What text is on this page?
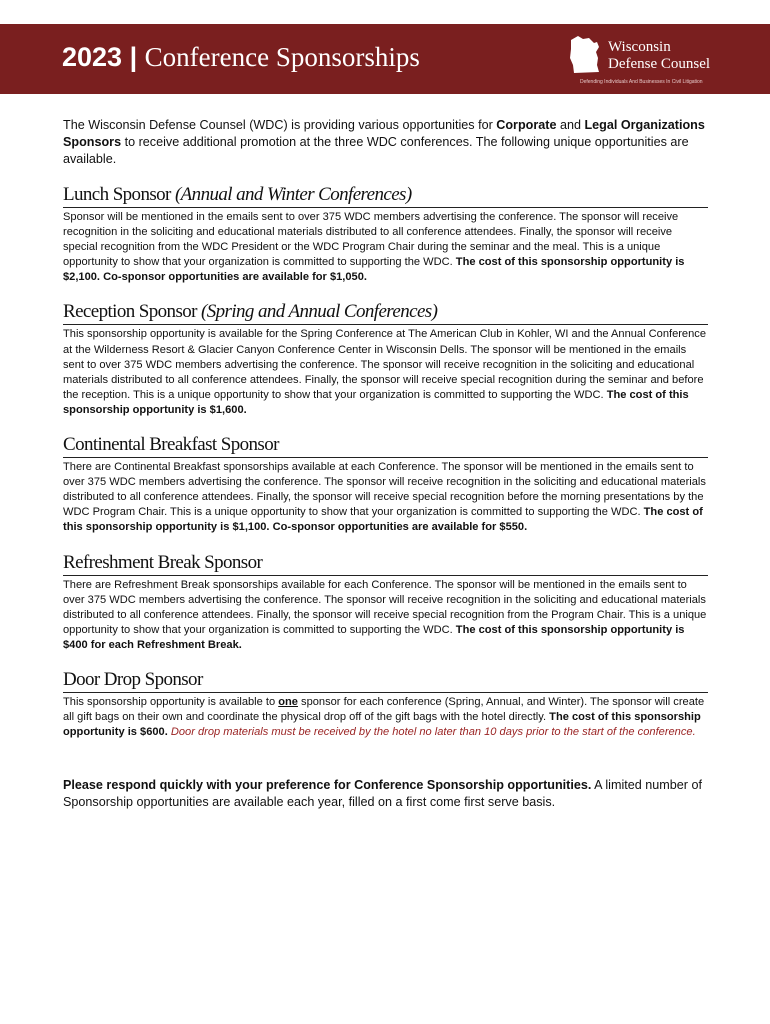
2023 | Conference Sponsorships	Wisconsin
Defense Counsel
Defending Individuals And Businesses In Civil Litigation

The Wisconsin Defense Counsel (WDC) is providing various opportunities for Corporate and Legal Organizations Sponsors to receive additional promotion at the three WDC conferences. The following unique opportunities are available.

Lunch Sponsor (Annual and Winter Conferences)

Sponsor will be mentioned in the emails sent to over 375 WDC members advertising the conference. The sponsor will receive recognition in the soliciting and educational materials distributed to all conference attendees. Finally, the sponsor will receive special recognition from the WDC President or the WDC Program Chair during the seminar and the meal. This is a unique opportunity to show that your organization is committed to supporting the WDC. The cost of this sponsorship opportunity is $2,100. Co-sponsor opportunities are available for $1,050.

Reception Sponsor (Spring and Annual Conferences)

This sponsorship opportunity is available for the Spring Conference at The American Club in Kohler, WI and the Annual Conference at the Wilderness Resort & Glacier Canyon Conference Center in Wisconsin Dells. The sponsor will be mentioned in the emails sent to over 375 WDC members advertising the conference. The sponsor will receive recognition in the soliciting and educational materials distributed to all conference attendees. Finally, the sponsor will receive special recognition during the seminar and before the reception. This is a unique opportunity to show that your organization is committed to supporting the WDC. The cost of this sponsorship opportunity is $1,600.

Continental Breakfast Sponsor

There are Continental Breakfast sponsorships available at each Conference. The sponsor will be mentioned in the emails sent to over 375 WDC members advertising the conference. The sponsor will receive recognition in the soliciting and educational materials distributed to all conference attendees. Finally, the sponsor will receive special recognition before the morning presentations by the WDC Program Chair. This is a unique opportunity to show that your organization is committed to supporting the WDC. The cost of this sponsorship opportunity is $1,100. Co-sponsor opportunities are available for $550.

Refreshment Break Sponsor

There are Refreshment Break sponsorships available for each Conference. The sponsor will be mentioned in the emails sent to over 375 WDC members advertising the conference. The sponsor will receive recognition in the soliciting and educational materials distributed to all conference attendees. Finally, the sponsor will receive special recognition from the Program Chair. This is a unique opportunity to show that your organization is committed to supporting the WDC. The cost of this sponsorship opportunity is $400 for each Refreshment Break.

Door Drop Sponsor

This sponsorship opportunity is available to one sponsor for each conference (Spring, Annual, and Winter). The sponsor will create all gift bags on their own and coordinate the physical drop off of the gift bags with the hotel directly. The cost of this sponsorship opportunity is $600. Door drop materials must be received by the hotel no later than 10 days prior to the start of the conference.

Please respond quickly with your preference for Conference Sponsorship opportunities. A limited number of Sponsorship opportunities are available each year, filled on a first come first serve basis.
